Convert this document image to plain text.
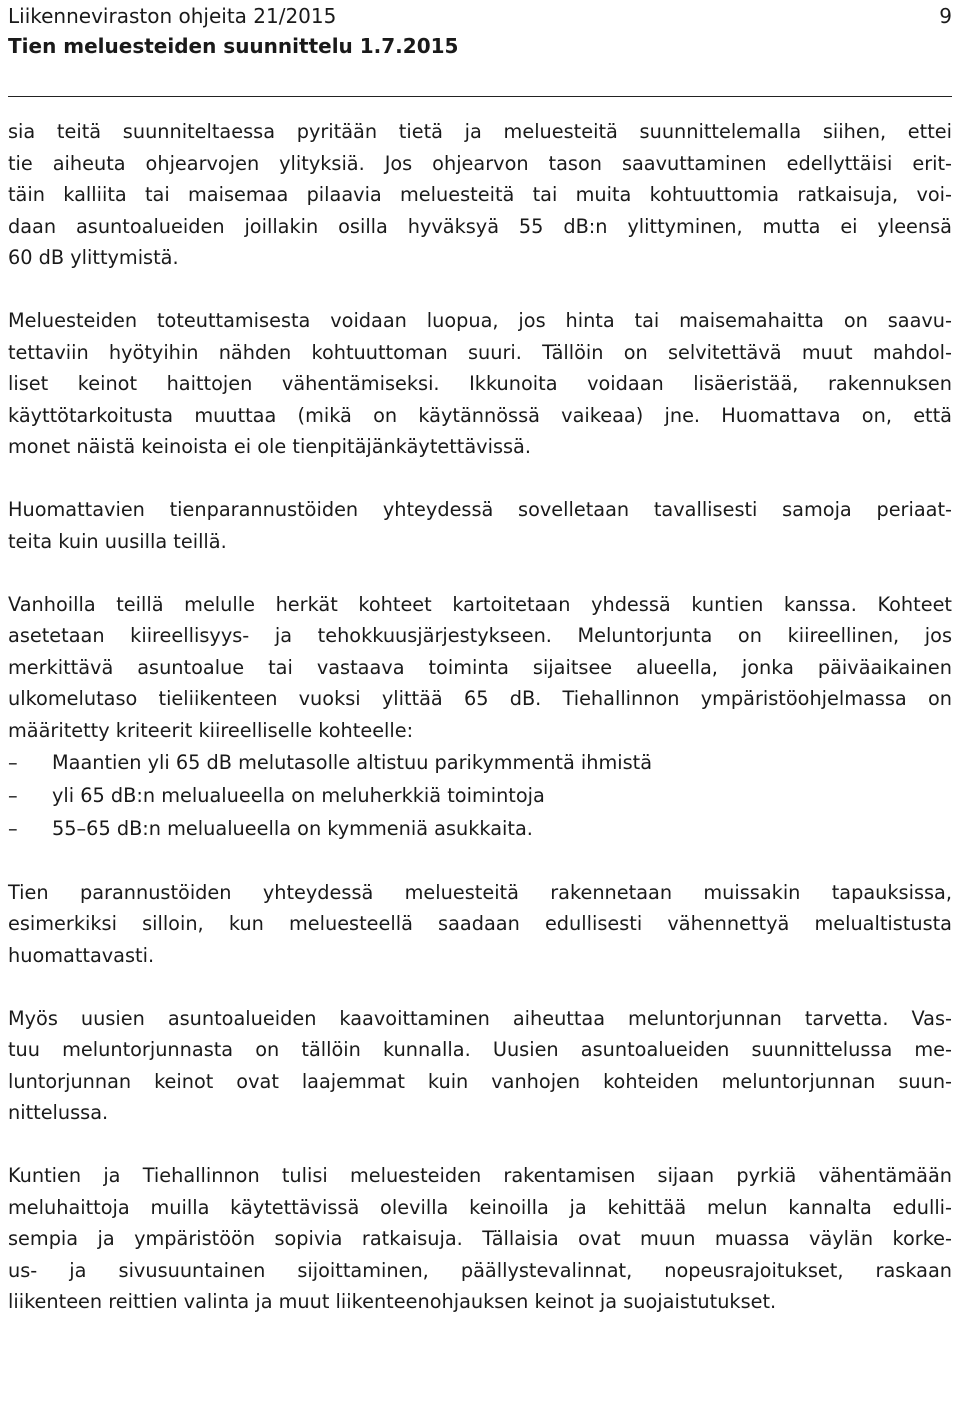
Liikenneviraston ohjeita 21/2015
Tien meluesteiden suunnittelu 1.7.2015
9
sia teitä suunniteltaessa pyritään tietä ja meluesteitä suunnittelemalla siihen, ettei
tie aiheuta ohjearvojen ylityksiä. Jos ohjearvon tason saavuttaminen edellyttäisi erit-
täin kalliita tai maisemaa pilaavia meluesteitä tai muita kohtuuttomia ratkaisuja, voi-
daan asuntoalueiden joillakin osilla hyväksyä 55 dB:n ylittyminen, mutta ei yleensä
60 dB ylittymistä.
Meluesteiden toteuttamisesta voidaan luopua, jos hinta tai maisemahaitta on saavu-
tettaviin hyötyihin nähden kohtuuttoman suuri. Tällöin on selvitettävä muut mahdol-
liset keinot haittojen vähentämiseksi. Ikkunoita voidaan lisäeristää, rakennuksen
käyttötarkoitusta muuttaa (mikä on käytännössä vaikeaa) jne. Huomattava on, että
monet näistä keinoista ei ole tienpitäjänkäytettävissä.
Huomattavien tienparannustöiden yhteydessä sovelletaan tavallisesti samoja periaat-
teita kuin uusilla teillä.
Vanhoilla teillä melulle herkät kohteet kartoitetaan yhdessä kuntien kanssa. Kohteet
asetetaan kiireellisyys- ja tehokkuusjärjestykseen. Meluntorjunta on kiireellinen, jos
merkittävä asuntoalue tai vastaava toiminta sijaitsee alueella, jonka päiväaikainen
ulkomelutaso tieliikenteen vuoksi ylittää 65 dB. Tiehallinnon ympäristöohjelmassa on
määritetty kriteerit kiireelliselle kohteelle:
– Maantien yli 65 dB melutasolle altistuu parikymmentä ihmistä
– yli 65 dB:n melualueella on meluherkkiä toimintoja
– 55–65 dB:n melualueella on kymmeniä asukkaita.
Tien parannustöiden yhteydessä meluesteitä rakennetaan muissakin tapauksissa,
esimerkiksi silloin, kun meluesteellä saadaan edullisesti vähennettyä melualtistusta
huomattavasti.
Myös uusien asuntoalueiden kaavoittaminen aiheuttaa meluntorjunnan tarvetta. Vas-
tuu meluntorjunnasta on tällöin kunnalla. Uusien asuntoalueiden suunnittelussa me-
luntorjunnan keinot ovat laajemmat kuin vanhojen kohteiden meluntorjunnan suun-
nittelussa.
Kuntien ja Tiehallinnon tulisi meluesteiden rakentamisen sijaan pyrkiä vähentämään
meluhaittoja muilla käytettävissä olevilla keinoilla ja kehittää melun kannalta edulli-
sempia ja ympäristöön sopivia ratkaisuja. Tällaisia ovat muun muassa väylän korke-
us- ja sivusuuntainen sijoittaminen, päällystevalinnat, nopeusrajoitukset, raskaan
liikenteen reittien valinta ja muut liikenteenohjauksen keinot ja suojaistutukset.
